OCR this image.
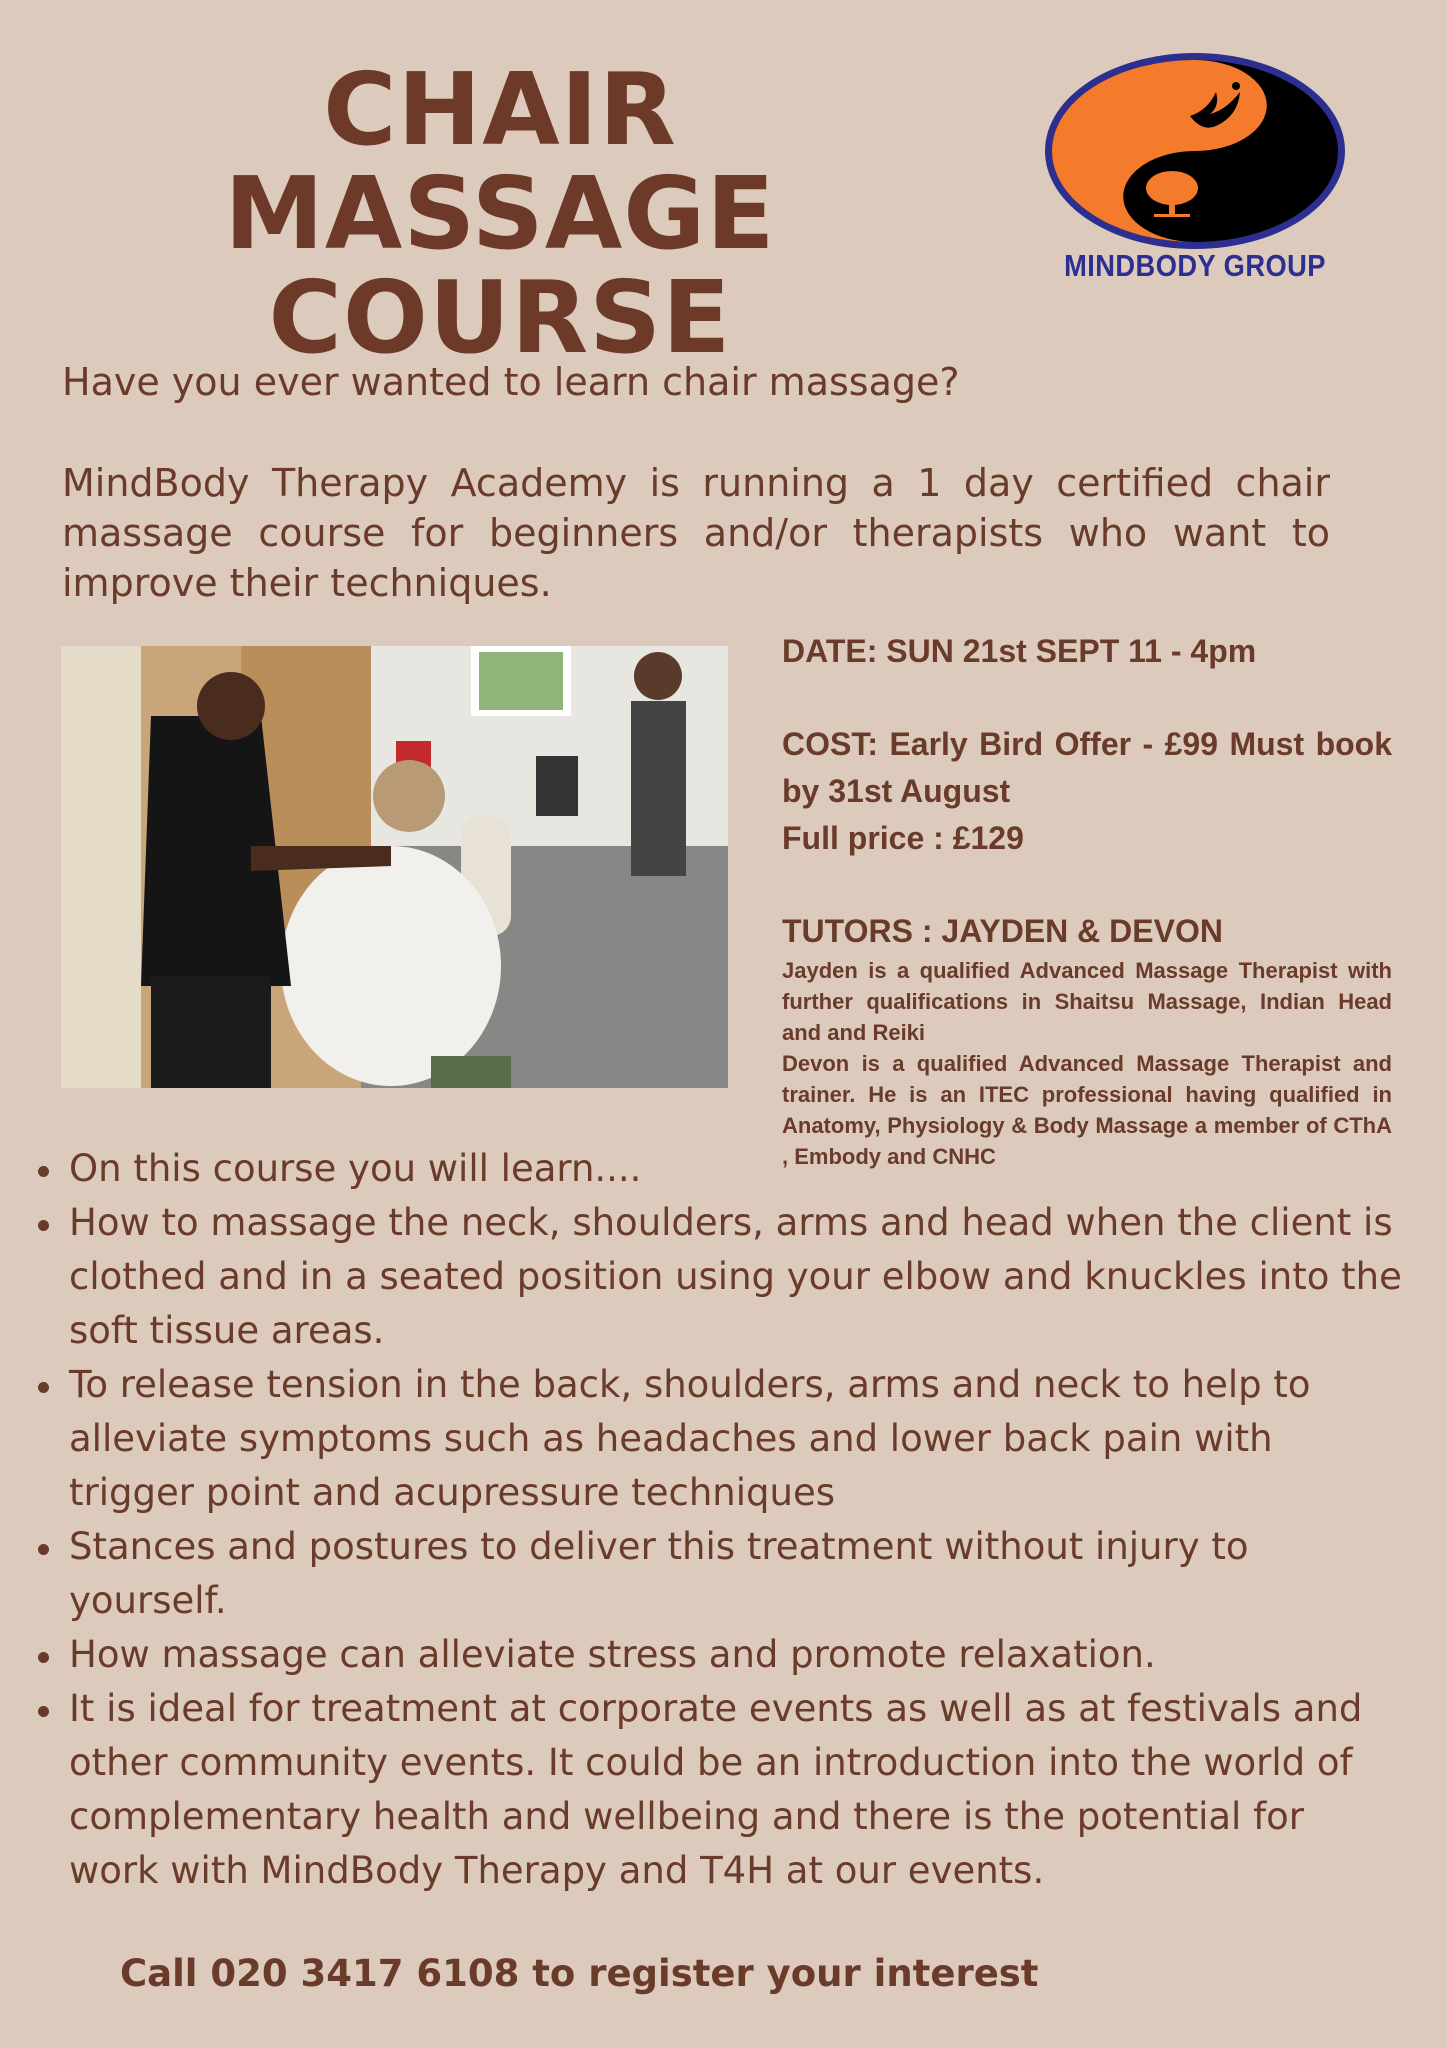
CHAIR MASSAGE
COURSE	MINDBODY GROUP

Have you ever wanted to learn chair massage?

MindBody Therapy Academy is running a 1 day certified chair massage course for beginners and/or therapists who want to improve their techniques.

DATE: SUN 21st SEPT 11 - 4pm

COST: Early Bird Offer - £99 Must book by 31st August

Full price : £129

TUTORS : JAYDEN & DEVON

Jayden is a qualified Advanced Massage Therapist with further qualifications in Shaitsu Massage, Indian Head and and Reiki

Devon is a qualified Advanced Massage Therapist and trainer. He is an ITEC professional having qualified in Anatomy, Physiology & Body Massage a member of CThA , Embody and CNHC

On this course you will learn....
How to massage the neck, shoulders, arms and head when the client is clothed and in a seated position using your elbow and knuckles into the soft tissue areas.
To release tension in the back, shoulders, arms and neck to help to alleviate symptoms such as headaches and lower back pain with trigger point and acupressure techniques
Stances and postures to deliver this treatment without injury to yourself.
How massage can alleviate stress and promote relaxation.
It is ideal for treatment at corporate events as well as at festivals and other community events. It could be an introduction into the world of complementary health and wellbeing and there is the potential for work with MindBody Therapy and T4H at our events.

Call 020 3417 6108 to register your interest
